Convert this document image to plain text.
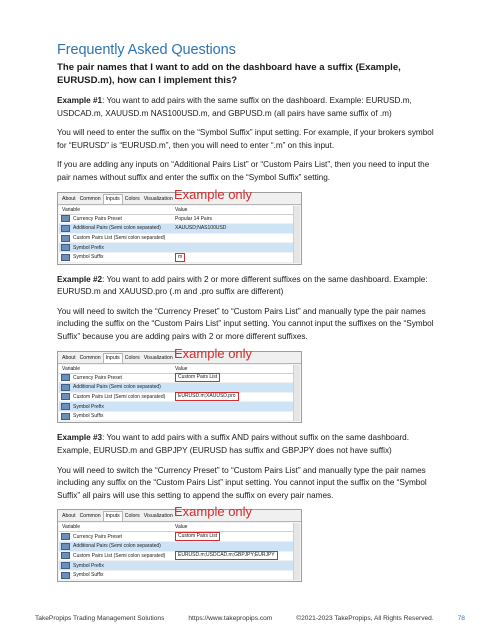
Frequently Asked Questions

The pair names that I want to add on the dashboard have a suffix (Example, EURUSD.m), how can I implement this?

Example #1: You want to add pairs with the same suffix on the dashboard. Example: EURUSD.m, USDCAD.m, XAUUSD.m NAS100USD.m, and GBPUSD.m (all pairs have same suffix of .m)

You will need to enter the suffix on the “Symbol Suffix” input setting. For example, if your brokers symbol for “EURUSD” is “EURUSD.m”, then you will need to enter “.m” on this input.

If you are adding any inputs on “Additional Pairs List” or “Custom Pairs List”, then you need to input the pair names without suffix and enter the suffix on the “Symbol Suffix” setting.

About Common Inputs Colors Visualization Example only
Variable	Value
Currency Pairs Preset	Popular 14 Pairs
Additional Pairs (Semi colon separated)	XAUUSD;NAS100USD
Custom Pairs List (Semi colon separated)
Symbol Prefix
Symbol Suffix	m

Example #2: You want to add pairs with 2 or more different suffixes on the same dashboard. Example: EURUSD.m and XAUUSD.pro (.m and .pro suffix are different)

You will need to switch the “Currency Preset” to “Custom Pairs List” and manually type the pair names including the suffix on the “Custom Pairs List” input setting. You cannot input the suffixes on the “Symbol Suffix” because you are adding pairs with 2 or more different suffixes.

About Common Inputs Colors Visualization Example only
Variable	Value
Currency Pairs Preset	Custom Pairs List
Additional Pairs (Semi colon separated)
Custom Pairs List (Semi colon separated)	EURUSD.m;XAUUSD.pro
Symbol Prefix
Symbol Suffix

Example #3: You want to add pairs with a suffix AND pairs without suffix on the same dashboard. Example, EURUSD.m and GBPJPY (EURUSD has suffix and GBPJPY does not have suffix)

You will need to switch the “Currency Preset” to “Custom Pairs List” and manually type the pair names including any suffix on the “Custom Pairs List” input setting. You cannot input the suffix on the “Symbol Suffix” all pairs will use this setting to append the suffix on every pair names.

About Common Inputs Colors Visualization Example only
Variable	Value
Currency Pairs Preset	Custom Pairs List
Additional Pairs (Semi colon separated)
Custom Pairs List (Semi colon separated)	EURUSD.m;USDCAD.m;GBPJPY;EURJPY
Symbol Prefix
Symbol Suffix
TakePropips Trading Management Solutions	https://www.takepropips.com	©2021-2023 TakePropips, All Rights Reserved.	78
